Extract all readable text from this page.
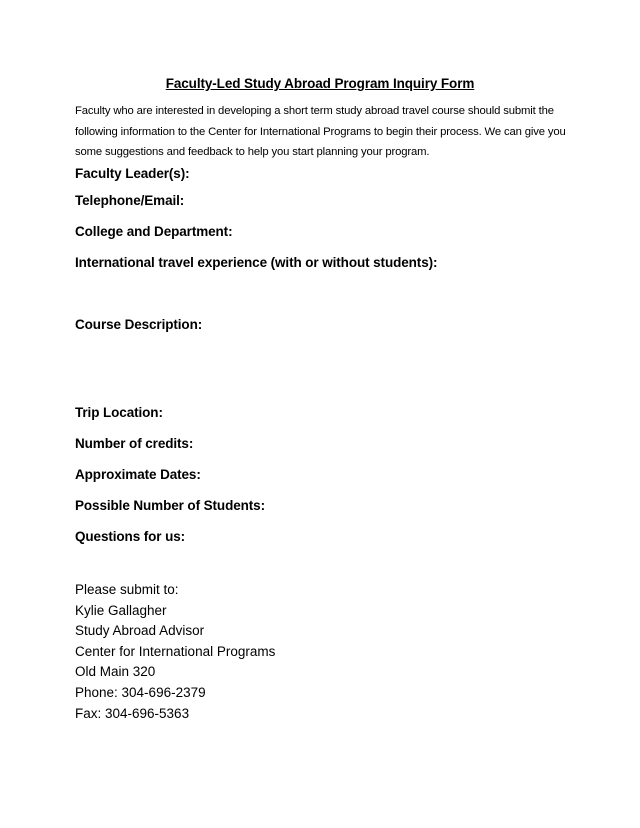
Faculty-Led Study Abroad Program Inquiry Form
Faculty who are interested in developing a short term study abroad travel course should submit the following information to the Center for International Programs to begin their process. We can give you some suggestions and feedback to help you start planning your program.
Faculty Leader(s):
Telephone/Email:
College and Department:
International travel experience (with or without students):
Course Description:
Trip Location:
Number of credits:
Approximate Dates:
Possible Number of Students:
Questions for us:
Please submit to:
Kylie Gallagher
Study Abroad Advisor
Center for International Programs
Old Main 320
Phone: 304-696-2379
Fax: 304-696-5363
